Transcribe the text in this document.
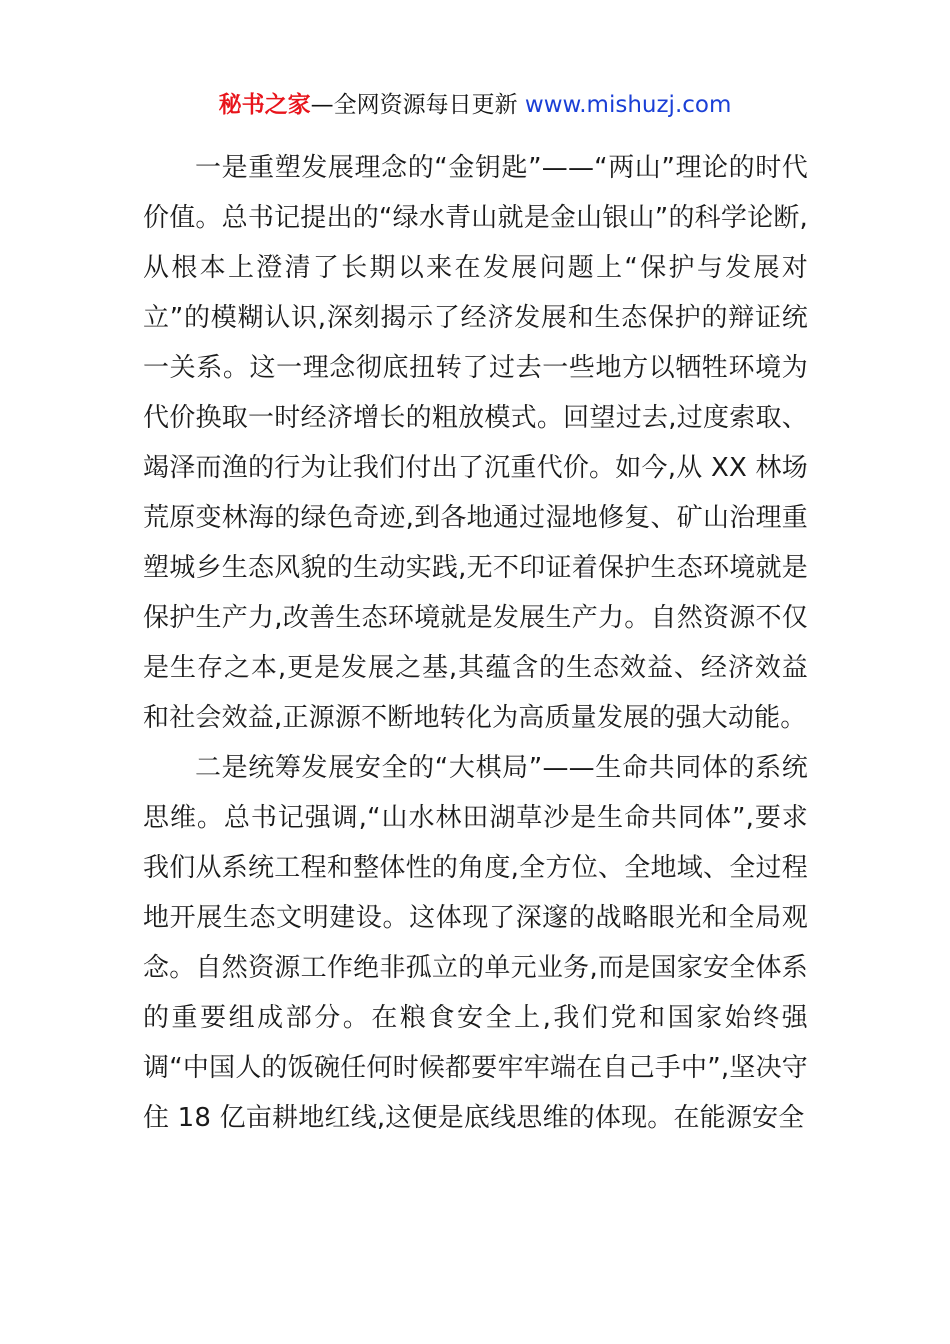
秘书之家—全网资源每日更新 www.mishuzj.com

一是重塑发展理念的“金钥匙”——“两山”理论的时代价值。总书记提出的“绿水青山就是金山银山”的科学论断,从根本上澄清了长期以来在发展问题上“保护与发展对立”的模糊认识,深刻揭示了经济发展和生态保护的辩证统一关系。这一理念彻底扭转了过去一些地方以牺牲环境为代价换取一时经济增长的粗放模式。回望过去,过度索取、竭泽而渔的行为让我们付出了沉重代价。如今,从 XX 林场荒原变林海的绿色奇迹,到各地通过湿地修复、矿山治理重塑城乡生态风貌的生动实践,无不印证着保护生态环境就是保护生产力,改善生态环境就是发展生产力。自然资源不仅是生存之本,更是发展之基,其蕴含的生态效益、经济效益和社会效益,正源源不断地转化为高质量发展的强大动能。

二是统筹发展安全的“大棋局”——生命共同体的系统思维。总书记强调,“山水林田湖草沙是生命共同体”,要求我们从系统工程和整体性的角度,全方位、全地域、全过程地开展生态文明建设。这体现了深邃的战略眼光和全局观念。自然资源工作绝非孤立的单元业务,而是国家安全体系的重要组成部分。在粮食安全上,我们党和国家始终强调“中国人的饭碗任何时候都要牢牢端在自己手中”,坚决守住 18 亿亩耕地红线,这便是底线思维的体现。在能源安全
